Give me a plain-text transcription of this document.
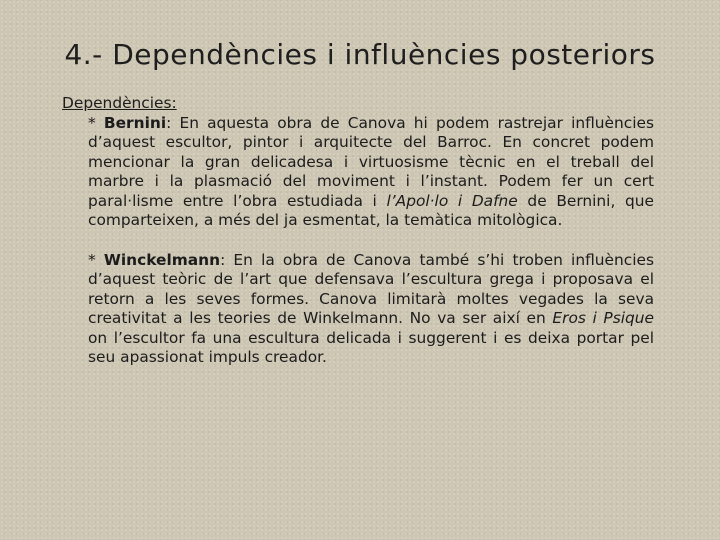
4.- Dependències i influències posteriors

Dependències:

* Bernini: En aquesta obra de Canova hi podem rastrejar influències d’aquest escultor, pintor i arquitecte del Barroc. En concret podem mencionar la gran delicadesa i virtuosisme tècnic en el treball del marbre i la plasmació del moviment i l’instant. Podem fer un cert paral·lisme entre l’obra estudiada i l’Apol·lo i Dafne de Bernini, que comparteixen, a més del ja esmentat, la temàtica mitològica.

* Winckelmann: En la obra de Canova també s’hi troben influències d’aquest teòric de l’art que defensava l’escultura grega i proposava el retorn a les seves formes. Canova limitarà moltes vegades la seva creativitat a les teories de Winkelmann. No va ser així en Eros i Psique on l’escultor fa una escultura delicada i suggerent i es deixa portar pel seu apassionat impuls creador.
